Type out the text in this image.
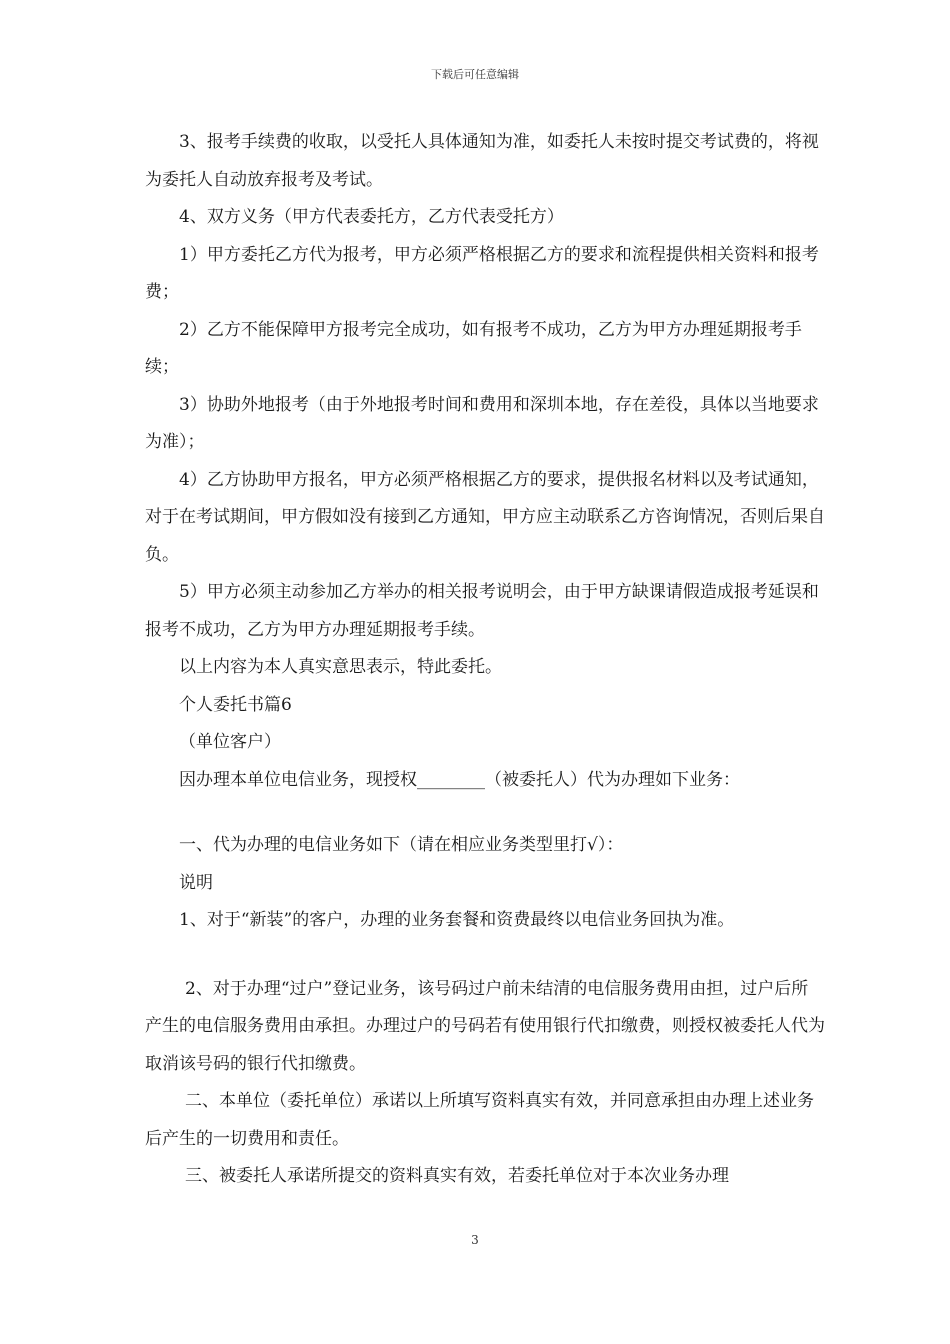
下载后可任意编辑

3、报考手续费的收取，以受托人具体通知为准，如委托人未按时提交考试费的，将视为委托人自动放弃报考及考试。

4、双方义务（甲方代表委托方，乙方代表受托方）

1）甲方委托乙方代为报考，甲方必须严格根据乙方的要求和流程提供相关资料和报考费；

2）乙方不能保障甲方报考完全成功，如有报考不成功，乙方为甲方办理延期报考手续；

3）协助外地报考（由于外地报考时间和费用和深圳本地，存在差役，具体以当地要求为准）；

4）乙方协助甲方报名，甲方必须严格根据乙方的要求，提供报名材料以及考试通知，对于在考试期间，甲方假如没有接到乙方通知，甲方应主动联系乙方咨询情况，否则后果自负。

5）甲方必须主动参加乙方举办的相关报考说明会，由于甲方缺课请假造成报考延误和报考不成功，乙方为甲方办理延期报考手续。

以上内容为本人真实意思表示，特此委托。

个人委托书篇6

（单位客户）

因办理本单位电信业务，现授权________（被委托人）代为办理如下业务：

一、代为办理的电信业务如下（请在相应业务类型里打√）：

说明

1、对于“新装”的客户，办理的业务套餐和资费最终以电信业务回执为准。

2、对于办理“过户”登记业务，该号码过户前未结清的电信服务费用由担，过户后所产生的电信服务费用由承担。办理过户的号码若有使用银行代扣缴费，则授权被委托人代为取消该号码的银行代扣缴费。

二、本单位（委托单位）承诺以上所填写资料真实有效，并同意承担由办理上述业务后产生的一切费用和责任。

三、被委托人承诺所提交的资料真实有效，若委托单位对于本次业务办理

3
